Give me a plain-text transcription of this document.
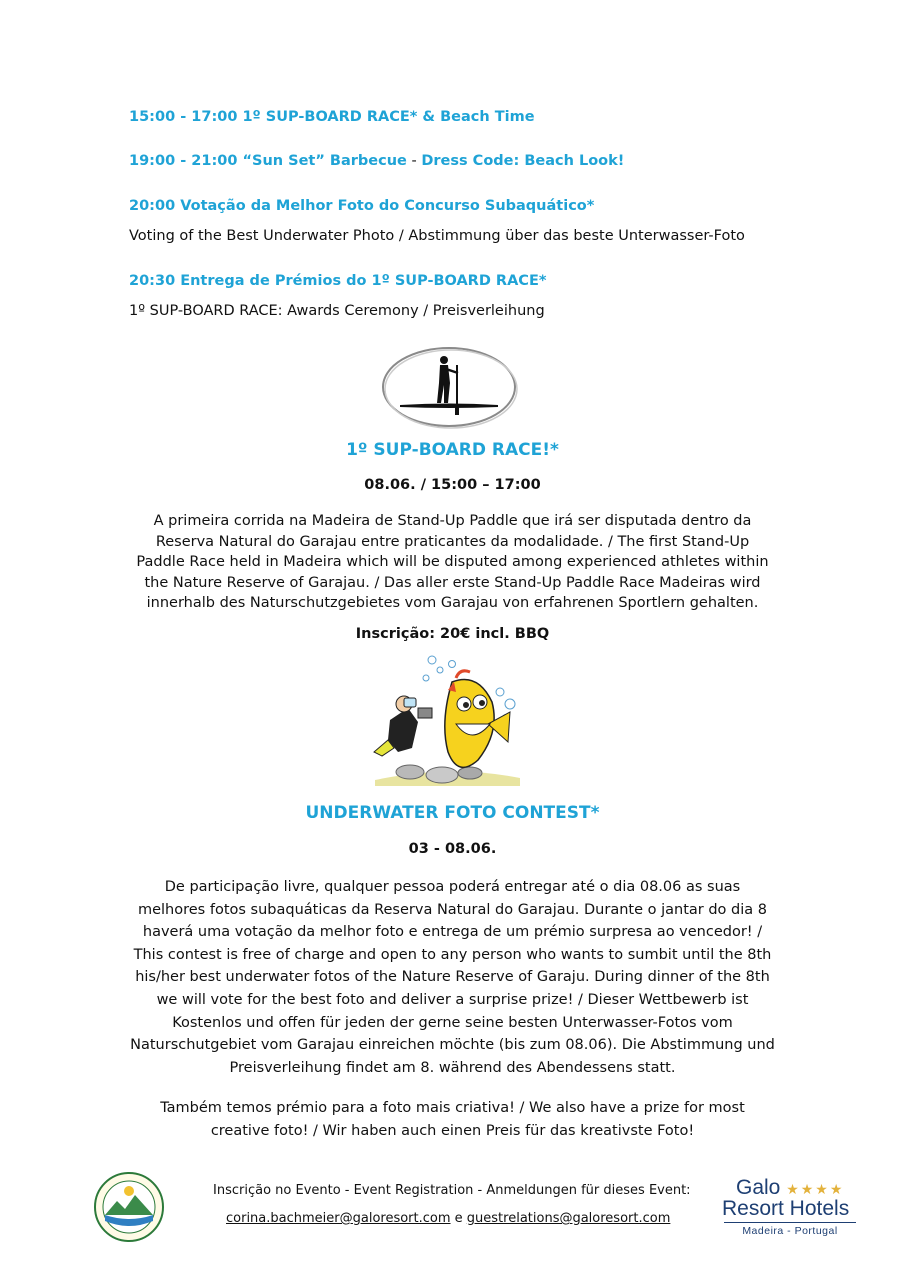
15:00 - 17:00 1º SUP-BOARD RACE* & Beach Time
19:00 - 21:00 “Sun Set” Barbecue - Dress Code: Beach Look!
20:00 Votação da Melhor Foto do Concurso Subaquático*
Voting of the Best Underwater Photo / Abstimmung über das beste Unterwasser-Foto
20:30 Entrega de Prémios do 1º SUP-BOARD RACE*
1º SUP-BOARD RACE: Awards Ceremony / Preisverleihung
1º SUP-BOARD RACE!*
08.06. / 15:00 – 17:00
A primeira corrida na Madeira de Stand-Up Paddle que irá ser disputada dentro da
Reserva Natural do Garajau entre praticantes da modalidade. / The first Stand-Up
Paddle Race held in Madeira which will be disputed among experienced athletes within
the Nature Reserve of Garajau. / Das aller erste Stand-Up Paddle Race Madeiras wird
innerhalb des Naturschutzgebietes vom Garajau von erfahrenen Sportlern gehalten.
Inscrição: 20€ incl. BBQ
UNDERWATER FOTO CONTEST*
03 - 08.06.
De participação livre, qualquer pessoa poderá entregar até o dia 08.06 as suas
melhores fotos subaquáticas da Reserva Natural do Garajau. Durante o jantar do dia 8
haverá uma votação da melhor foto e entrega de um prémio surpresa ao vencedor! /
This contest is free of charge and open to any person who wants to sumbit until the 8th
his/her best underwater fotos of the Nature Reserve of Garaju. During dinner of the 8th
we will vote for the best foto and deliver a surprise prize! / Dieser Wettbewerb ist
Kostenlos und offen für jeden der gerne seine besten Unterwasser-Fotos vom
Naturschutgebiet vom Garajau einreichen möchte (bis zum 08.06). Die Abstimmung und
Preisverleihung findet am 8. während des Abendessens statt.
Também temos prémio para a foto mais criativa! / We also have a prize for most
creative foto! / Wir haben auch einen Preis für das kreativste Foto!
Inscrição no Evento - Event Registration - Anmeldungen für dieses Event:
corina.bachmeier@galoresort.com e guestrelations@galoresort.com
Galo ★★★★
Resort Hotels
Madeira - Portugal
